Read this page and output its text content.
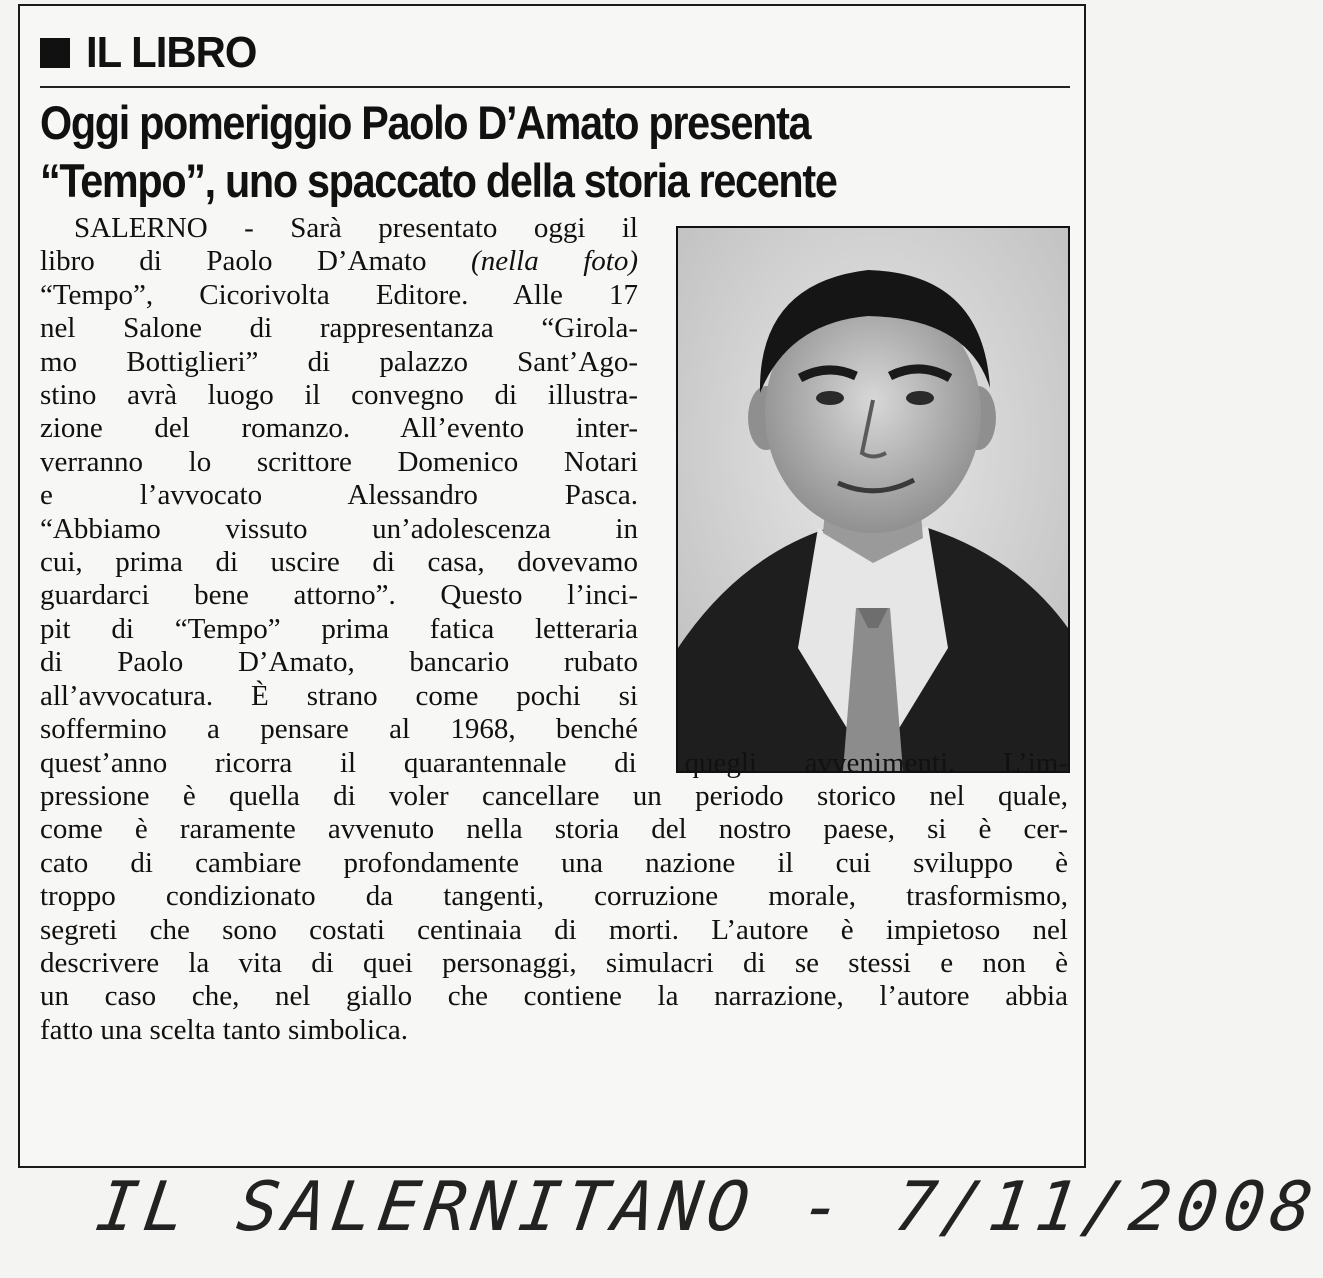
IL LIBRO
Oggi pomeriggio Paolo D’Amato presenta
“Tempo”, uno spaccato della storia recente
SALERNO - Sarà presentato oggi il
libro di Paolo D’Amato (nella foto)
“Tempo”, Cicorivolta Editore. Alle 17
nel Salone di rappresentanza “Girola-
mo Bottiglieri” di palazzo Sant’Ago-
stino avrà luogo il convegno di illustra-
zione del romanzo. All’evento inter-
verranno lo scrittore Domenico Notari
e l’avvocato Alessandro Pasca.
“Abbiamo vissuto un’adolescenza in
cui, prima di uscire di casa, dovevamo
guardarci bene attorno”. Questo l’inci-
pit di “Tempo” prima fatica letteraria
di Paolo D’Amato, bancario rubato
all’avvocatura. È strano come pochi si
soffermino a pensare al 1968, benché
quest’anno ricorra il quarantennale di quegli avvenimenti. L’im-
pressione è quella di voler cancellare un periodo storico nel quale,
come è raramente avvenuto nella storia del nostro paese, si è cer-
cato di cambiare profondamente una nazione il cui sviluppo è
troppo condizionato da tangenti, corruzione morale, trasformismo,
segreti che sono costati centinaia di morti. L’autore è impietoso nel
descrivere la vita di quei personaggi, simulacri di se stessi e non è
un caso che, nel giallo che contiene la narrazione, l’autore abbia
fatto una scelta tanto simbolica.
IL SALERNITANO - 7/11/2008
